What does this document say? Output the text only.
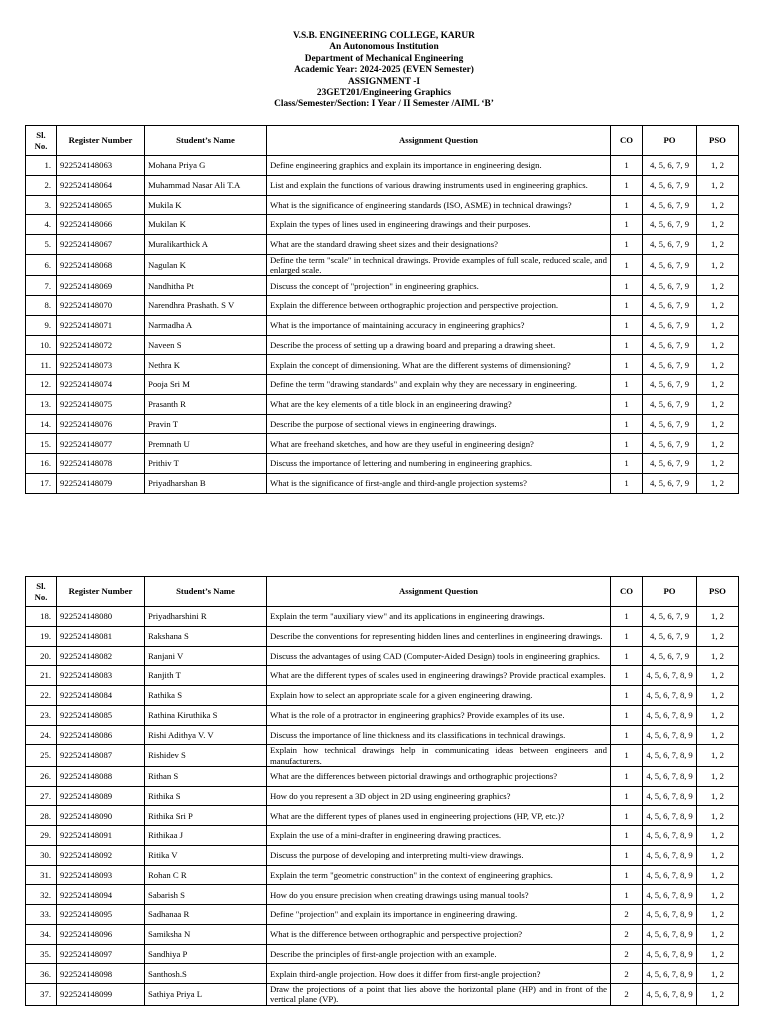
V.S.B. ENGINEERING COLLEGE, KARUR
An Autonomous Institution
Department of Mechanical Engineering
Academic Year: 2024-2025 (EVEN Semester)
ASSIGNMENT -I
23GET201/Engineering Graphics
Class/Semester/Section: I Year / II Semester /AIML ‘B’
Sl. No.	Register Number	Student’s Name	Assignment Question	CO	PO	PSO
1.	922524148063	Mohana Priya G	Define engineering graphics and explain its importance in engineering design.	1	4, 5, 6, 7, 9	1, 2
2.	922524148064	Muhammad Nasar Ali T.A	List and explain the functions of various drawing instruments used in engineering graphics.	1	4, 5, 6, 7, 9	1, 2
3.	922524148065	Mukila K	What is the significance of engineering standards (ISO, ASME) in technical drawings?	1	4, 5, 6, 7, 9	1, 2
4.	922524148066	Mukilan K	Explain the types of lines used in engineering drawings and their purposes.	1	4, 5, 6, 7, 9	1, 2
5.	922524148067	Muralikarthick A	What are the standard drawing sheet sizes and their designations?	1	4, 5, 6, 7, 9	1, 2
6.	922524148068	Nagulan K	Define the term "scale" in technical drawings. Provide examples of full scale, reduced scale, and enlarged scale.	1	4, 5, 6, 7, 9	1, 2
7.	922524148069	Nandhitha Pt	Discuss the concept of "projection" in engineering graphics.	1	4, 5, 6, 7, 9	1, 2
8.	922524148070	Narendhra Prashath. S V	Explain the difference between orthographic projection and perspective projection.	1	4, 5, 6, 7, 9	1, 2
9.	922524148071	Narmadha A	What is the importance of maintaining accuracy in engineering graphics?	1	4, 5, 6, 7, 9	1, 2
10.	922524148072	Naveen S	Describe the process of setting up a drawing board and preparing a drawing sheet.	1	4, 5, 6, 7, 9	1, 2
11.	922524148073	Nethra K	Explain the concept of dimensioning. What are the different systems of dimensioning?	1	4, 5, 6, 7, 9	1, 2
12.	922524148074	Pooja Sri M	Define the term "drawing standards" and explain why they are necessary in engineering.	1	4, 5, 6, 7, 9	1, 2
13.	922524148075	Prasanth R	What are the key elements of a title block in an engineering drawing?	1	4, 5, 6, 7, 9	1, 2
14.	922524148076	Pravin T	Describe the purpose of sectional views in engineering drawings.	1	4, 5, 6, 7, 9	1, 2
15.	922524148077	Premnath U	What are freehand sketches, and how are they useful in engineering design?	1	4, 5, 6, 7, 9	1, 2
16.	922524148078	Prithiv T	Discuss the importance of lettering and numbering in engineering graphics.	1	4, 5, 6, 7, 9	1, 2
17.	922524148079	Priyadharshan B	What is the significance of first-angle and third-angle projection systems?	1	4, 5, 6, 7, 9	1, 2
Sl. No.	Register Number	Student’s Name	Assignment Question	CO	PO	PSO
18.	922524148080	Priyadharshini R	Explain the term "auxiliary view" and its applications in engineering drawings.	1	4, 5, 6, 7, 9	1, 2
19.	922524148081	Rakshana S	Describe the conventions for representing hidden lines and centerlines in engineering drawings.	1	4, 5, 6, 7, 9	1, 2
20.	922524148082	Ranjani V	Discuss the advantages of using CAD (Computer-Aided Design) tools in engineering graphics.	1	4, 5, 6, 7, 9	1, 2
21.	922524148083	Ranjith T	What are the different types of scales used in engineering drawings? Provide practical examples.	1	4, 5, 6, 7, 8, 9	1, 2
22.	922524148084	Rathika S	Explain how to select an appropriate scale for a given engineering drawing.	1	4, 5, 6, 7, 8, 9	1, 2
23.	922524148085	Rathina Kiruthika S	What is the role of a protractor in engineering graphics? Provide examples of its use.	1	4, 5, 6, 7, 8, 9	1, 2
24.	922524148086	Rishi Adithya V. V	Discuss the importance of line thickness and its classifications in technical drawings.	1	4, 5, 6, 7, 8, 9	1, 2
25.	922524148087	Rishidev S	Explain how technical drawings help in communicating ideas between engineers and manufacturers.	1	4, 5, 6, 7, 8, 9	1, 2
26.	922524148088	Rithan S	What are the differences between pictorial drawings and orthographic projections?	1	4, 5, 6, 7, 8, 9	1, 2
27.	922524148089	Rithika S	How do you represent a 3D object in 2D using engineering graphics?	1	4, 5, 6, 7, 8, 9	1, 2
28.	922524148090	Rithika Sri P	What are the different types of planes used in engineering projections (HP, VP, etc.)?	1	4, 5, 6, 7, 8, 9	1, 2
29.	922524148091	Rithikaa J	Explain the use of a mini-drafter in engineering drawing practices.	1	4, 5, 6, 7, 8, 9	1, 2
30.	922524148092	Ritika V	Discuss the purpose of developing and interpreting multi-view drawings.	1	4, 5, 6, 7, 8, 9	1, 2
31.	922524148093	Rohan C R	Explain the term "geometric construction" in the context of engineering graphics.	1	4, 5, 6, 7, 8, 9	1, 2
32.	922524148094	Sabarish S	How do you ensure precision when creating drawings using manual tools?	1	4, 5, 6, 7, 8, 9	1, 2
33.	922524148095	Sadhanaa R	Define "projection" and explain its importance in engineering drawing.	2	4, 5, 6, 7, 8, 9	1, 2
34.	922524148096	Samiksha N	What is the difference between orthographic and perspective projection?	2	4, 5, 6, 7, 8, 9	1, 2
35.	922524148097	Sandhiya P	Describe the principles of first-angle projection with an example.	2	4, 5, 6, 7, 8, 9	1, 2
36.	922524148098	Santhosh.S	Explain third-angle projection. How does it differ from first-angle projection?	2	4, 5, 6, 7, 8, 9	1, 2
37.	922524148099	Sathiya Priya L	Draw the projections of a point that lies above the horizontal plane (HP) and in front of the vertical plane (VP).	2	4, 5, 6, 7, 8, 9	1, 2
